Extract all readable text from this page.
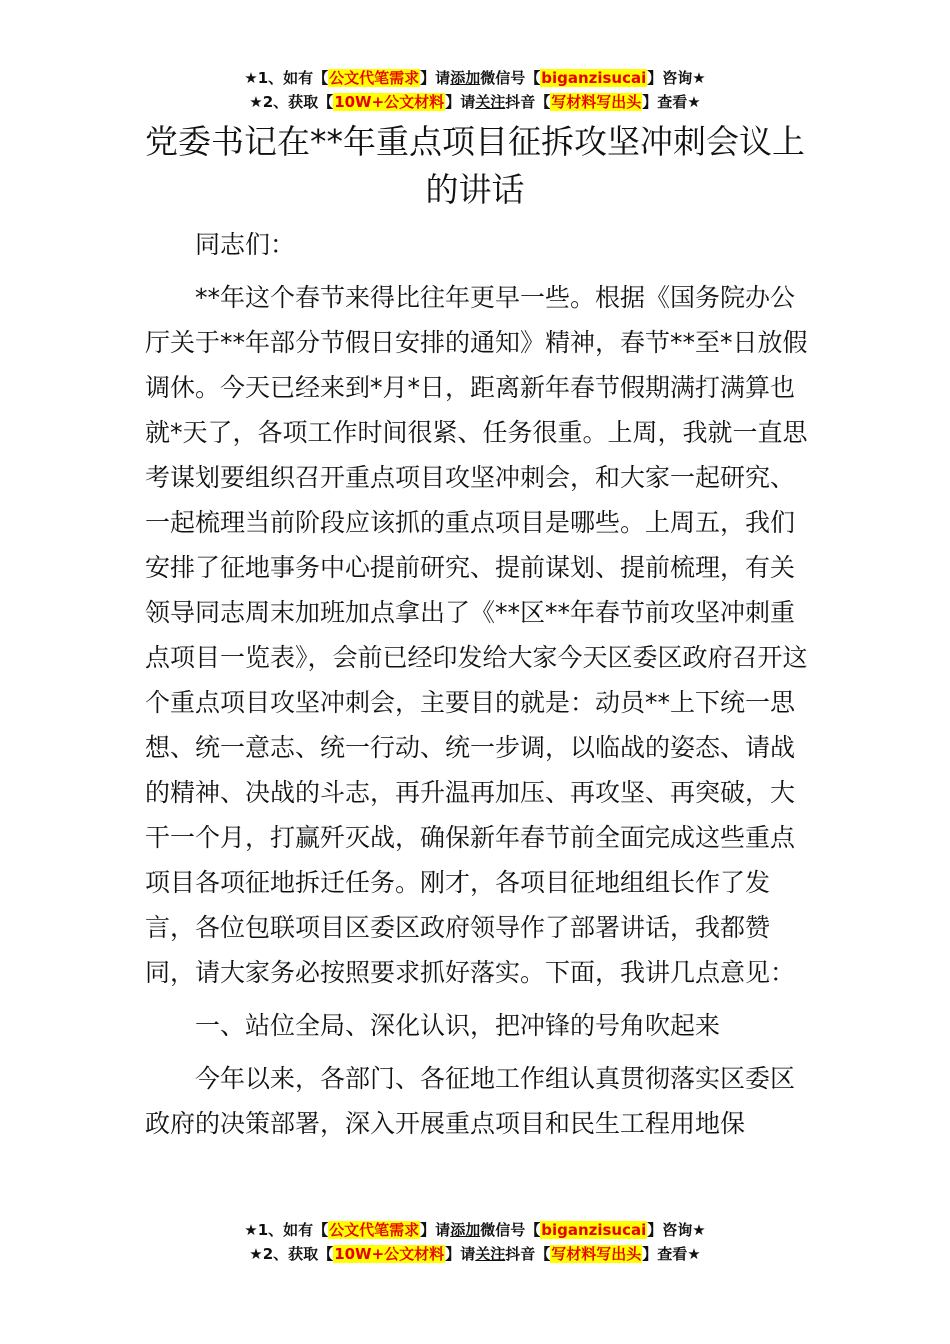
★1、如有【公文代笔需求】请添加微信号【biganzisucai】咨询★
★2、获取【10W+公文材料】请关注抖音【写材料写出头】查看★
党委书记在**年重点项目征拆攻坚冲刺会议上的讲话

同志们：

**年这个春节来得比往年更早一些。根据《国务院办公厅关于**年部分节假日安排的通知》精神，春节**至*日放假调休。今天已经来到*月*日，距离新年春节假期满打满算也就*天了，各项工作时间很紧、任务很重。上周，我就一直思考谋划要组织召开重点项目攻坚冲刺会，和大家一起研究、一起梳理当前阶段应该抓的重点项目是哪些。上周五，我们安排了征地事务中心提前研究、提前谋划、提前梳理，有关领导同志周末加班加点拿出了《**区**年春节前攻坚冲刺重点项目一览表》，会前已经印发给大家今天区委区政府召开这个重点项目攻坚冲刺会，主要目的就是：动员**上下统一思想、统一意志、统一行动、统一步调，以临战的姿态、请战的精神、决战的斗志，再升温再加压、再攻坚、再突破，大干一个月，打赢歼灭战，确保新年春节前全面完成这些重点项目各项征地拆迁任务。刚才，各项目征地组组长作了发言，各位包联项目区委区政府领导作了部署讲话，我都赞同，请大家务必按照要求抓好落实。下面，我讲几点意见：

一、站位全局、深化认识，把冲锋的号角吹起来

今年以来，各部门、各征地工作组认真贯彻落实区委区政府的决策部署，深入开展重点项目和民生工程用地保

★1、如有【公文代笔需求】请添加微信号【biganzisucai】咨询★
★2、获取【10W+公文材料】请关注抖音【写材料写出头】查看★
